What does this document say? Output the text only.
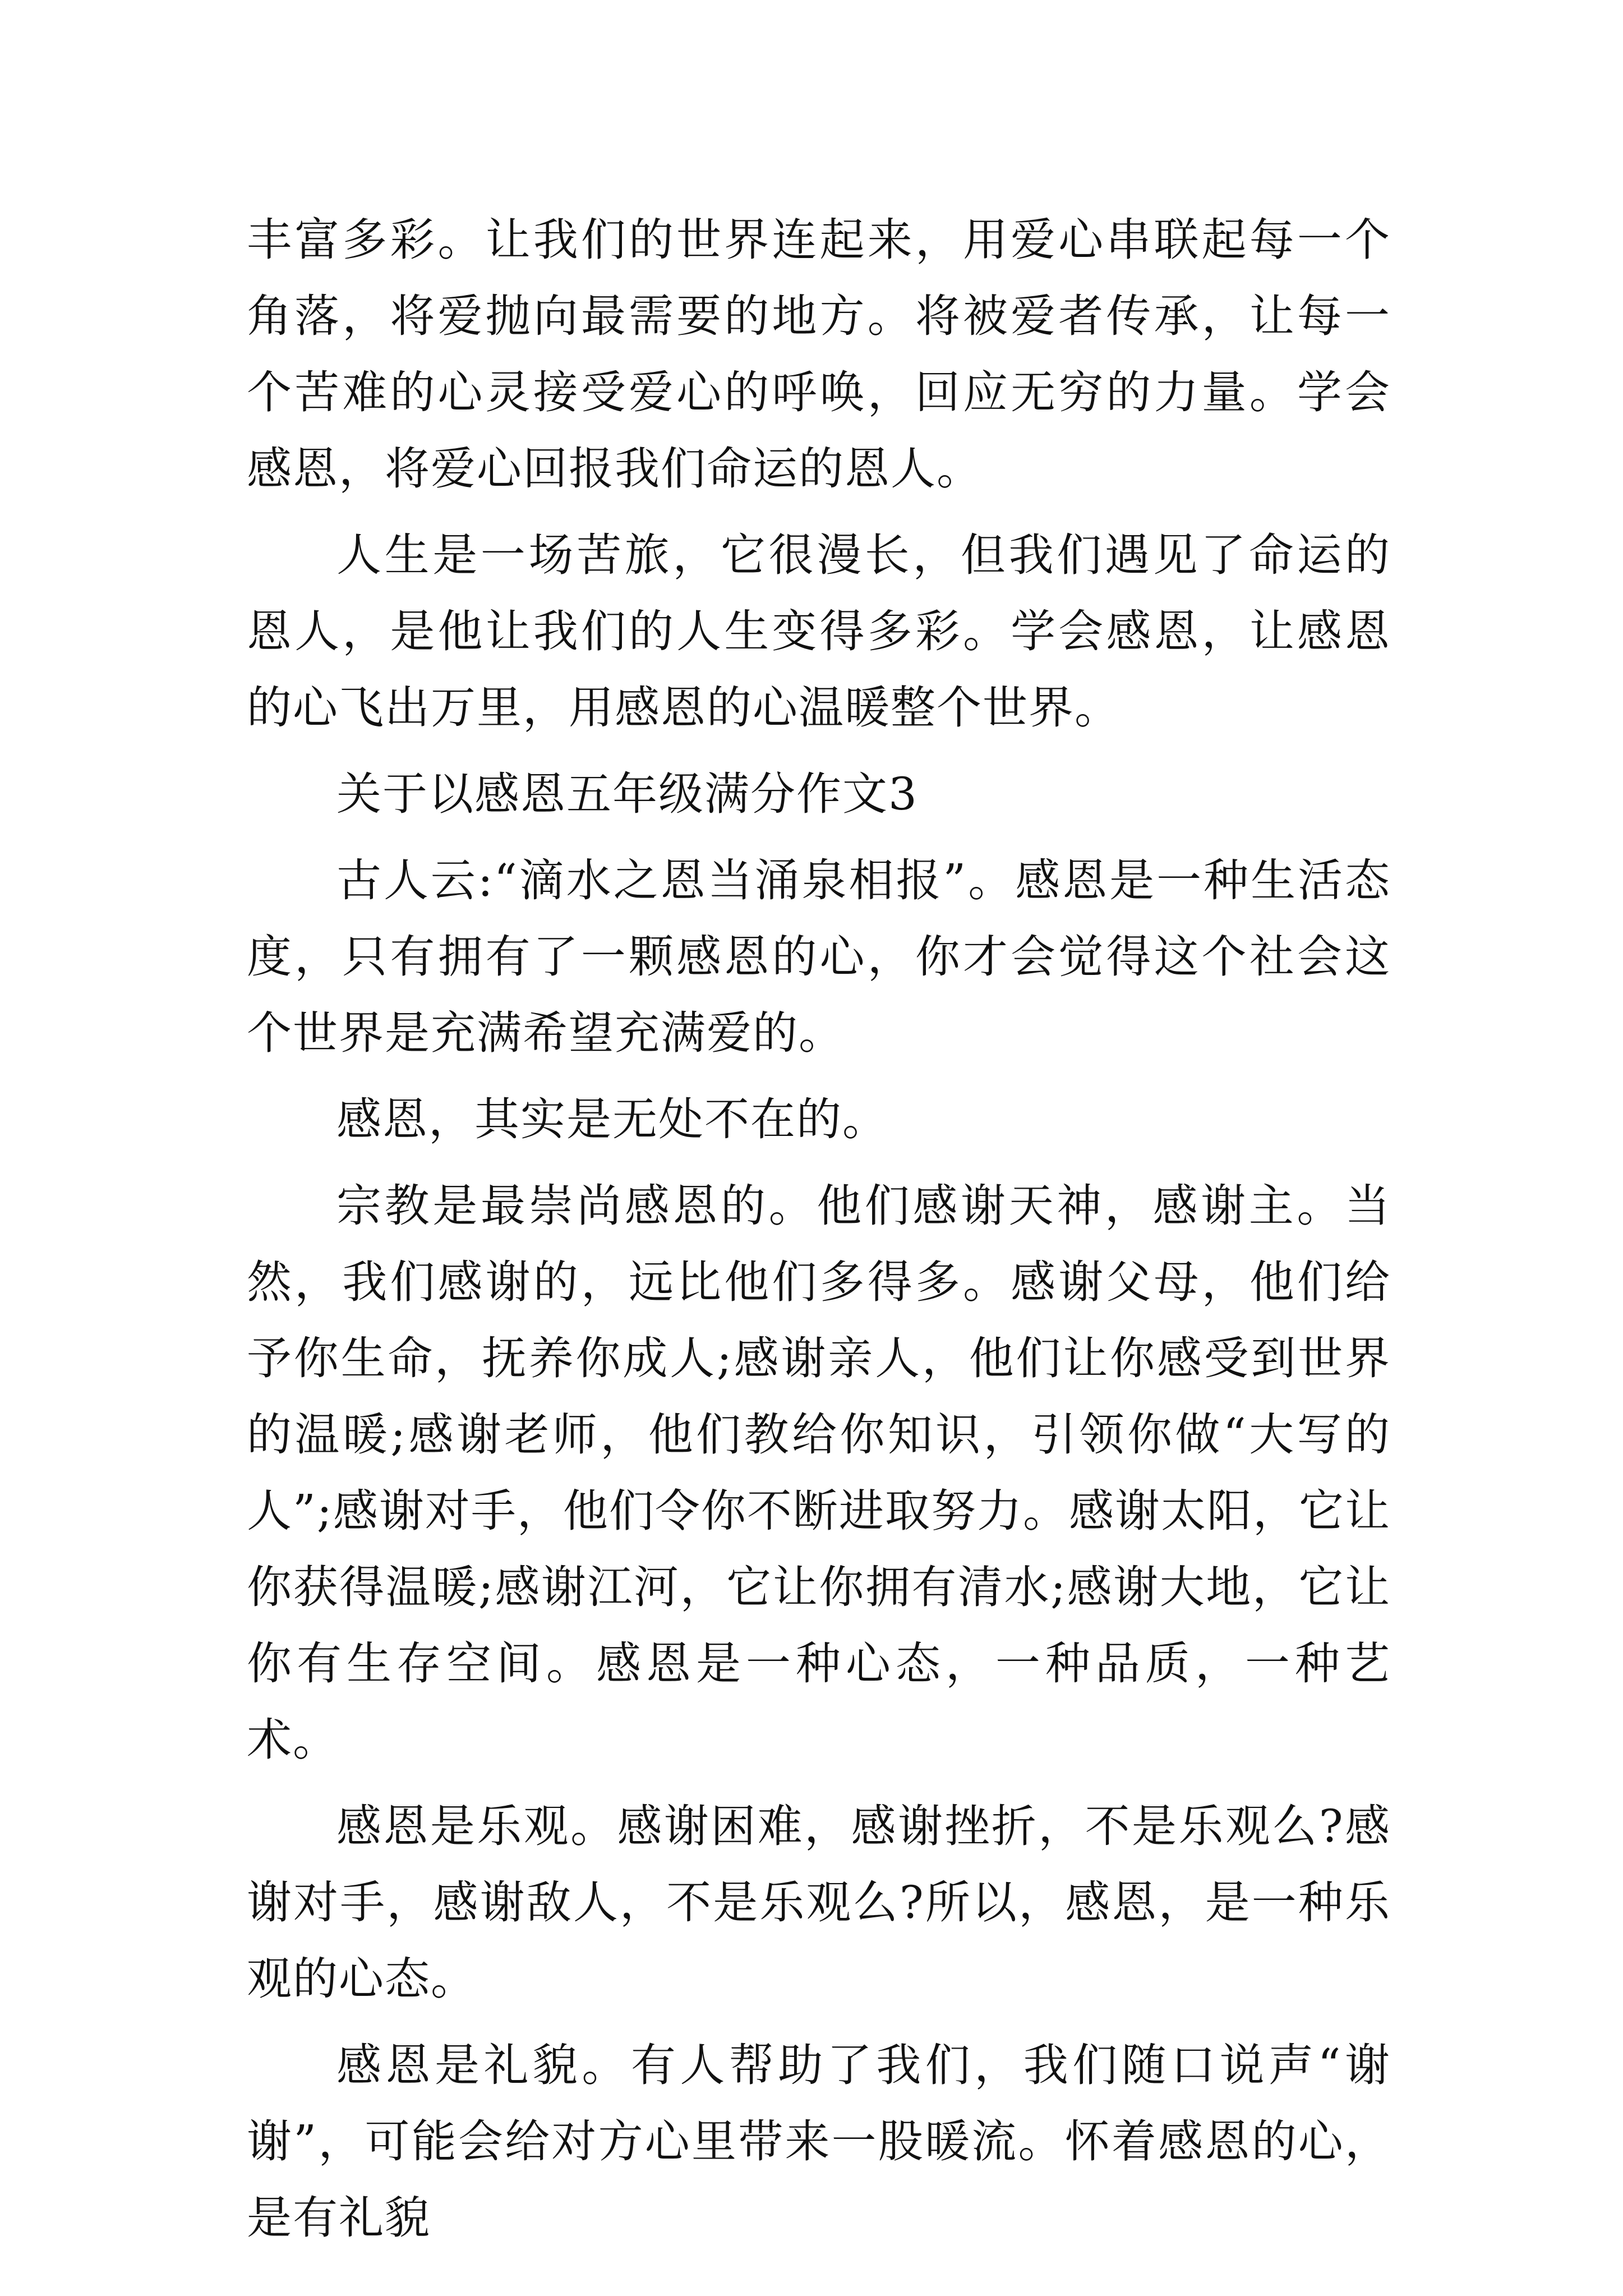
丰富多彩。让我们的世界连起来，用爱心串联起每一个角落，将爱抛向最需要的地方。将被爱者传承，让每一个苦难的心灵接受爱心的呼唤，回应无穷的力量。学会感恩，将爱心回报我们命运的恩人。

人生是一场苦旅，它很漫长，但我们遇见了命运的恩人，是他让我们的人生变得多彩。学会感恩，让感恩的心飞出万里，用感恩的心温暖整个世界。

关于以感恩五年级满分作文3

古人云:“滴水之恩当涌泉相报”。感恩是一种生活态度，只有拥有了一颗感恩的心，你才会觉得这个社会这个世界是充满希望充满爱的。

感恩，其实是无处不在的。

宗教是最崇尚感恩的。他们感谢天神，感谢主。当然，我们感谢的，远比他们多得多。感谢父母，他们给予你生命，抚养你成人;感谢亲人，他们让你感受到世界的温暖;感谢老师，他们教给你知识，引领你做“大写的人”;感谢对手，他们令你不断进取努力。感谢太阳，它让你获得温暖;感谢江河，它让你拥有清水;感谢大地，它让你有生存空间。感恩是一种心态，一种品质，一种艺术。

感恩是乐观。感谢困难，感谢挫折，不是乐观么?感谢对手，感谢敌人，不是乐观么?所以，感恩，是一种乐观的心态。

感恩是礼貌。有人帮助了我们，我们随口说声“谢谢”，可能会给对方心里带来一股暖流。怀着感恩的心，是有礼貌
